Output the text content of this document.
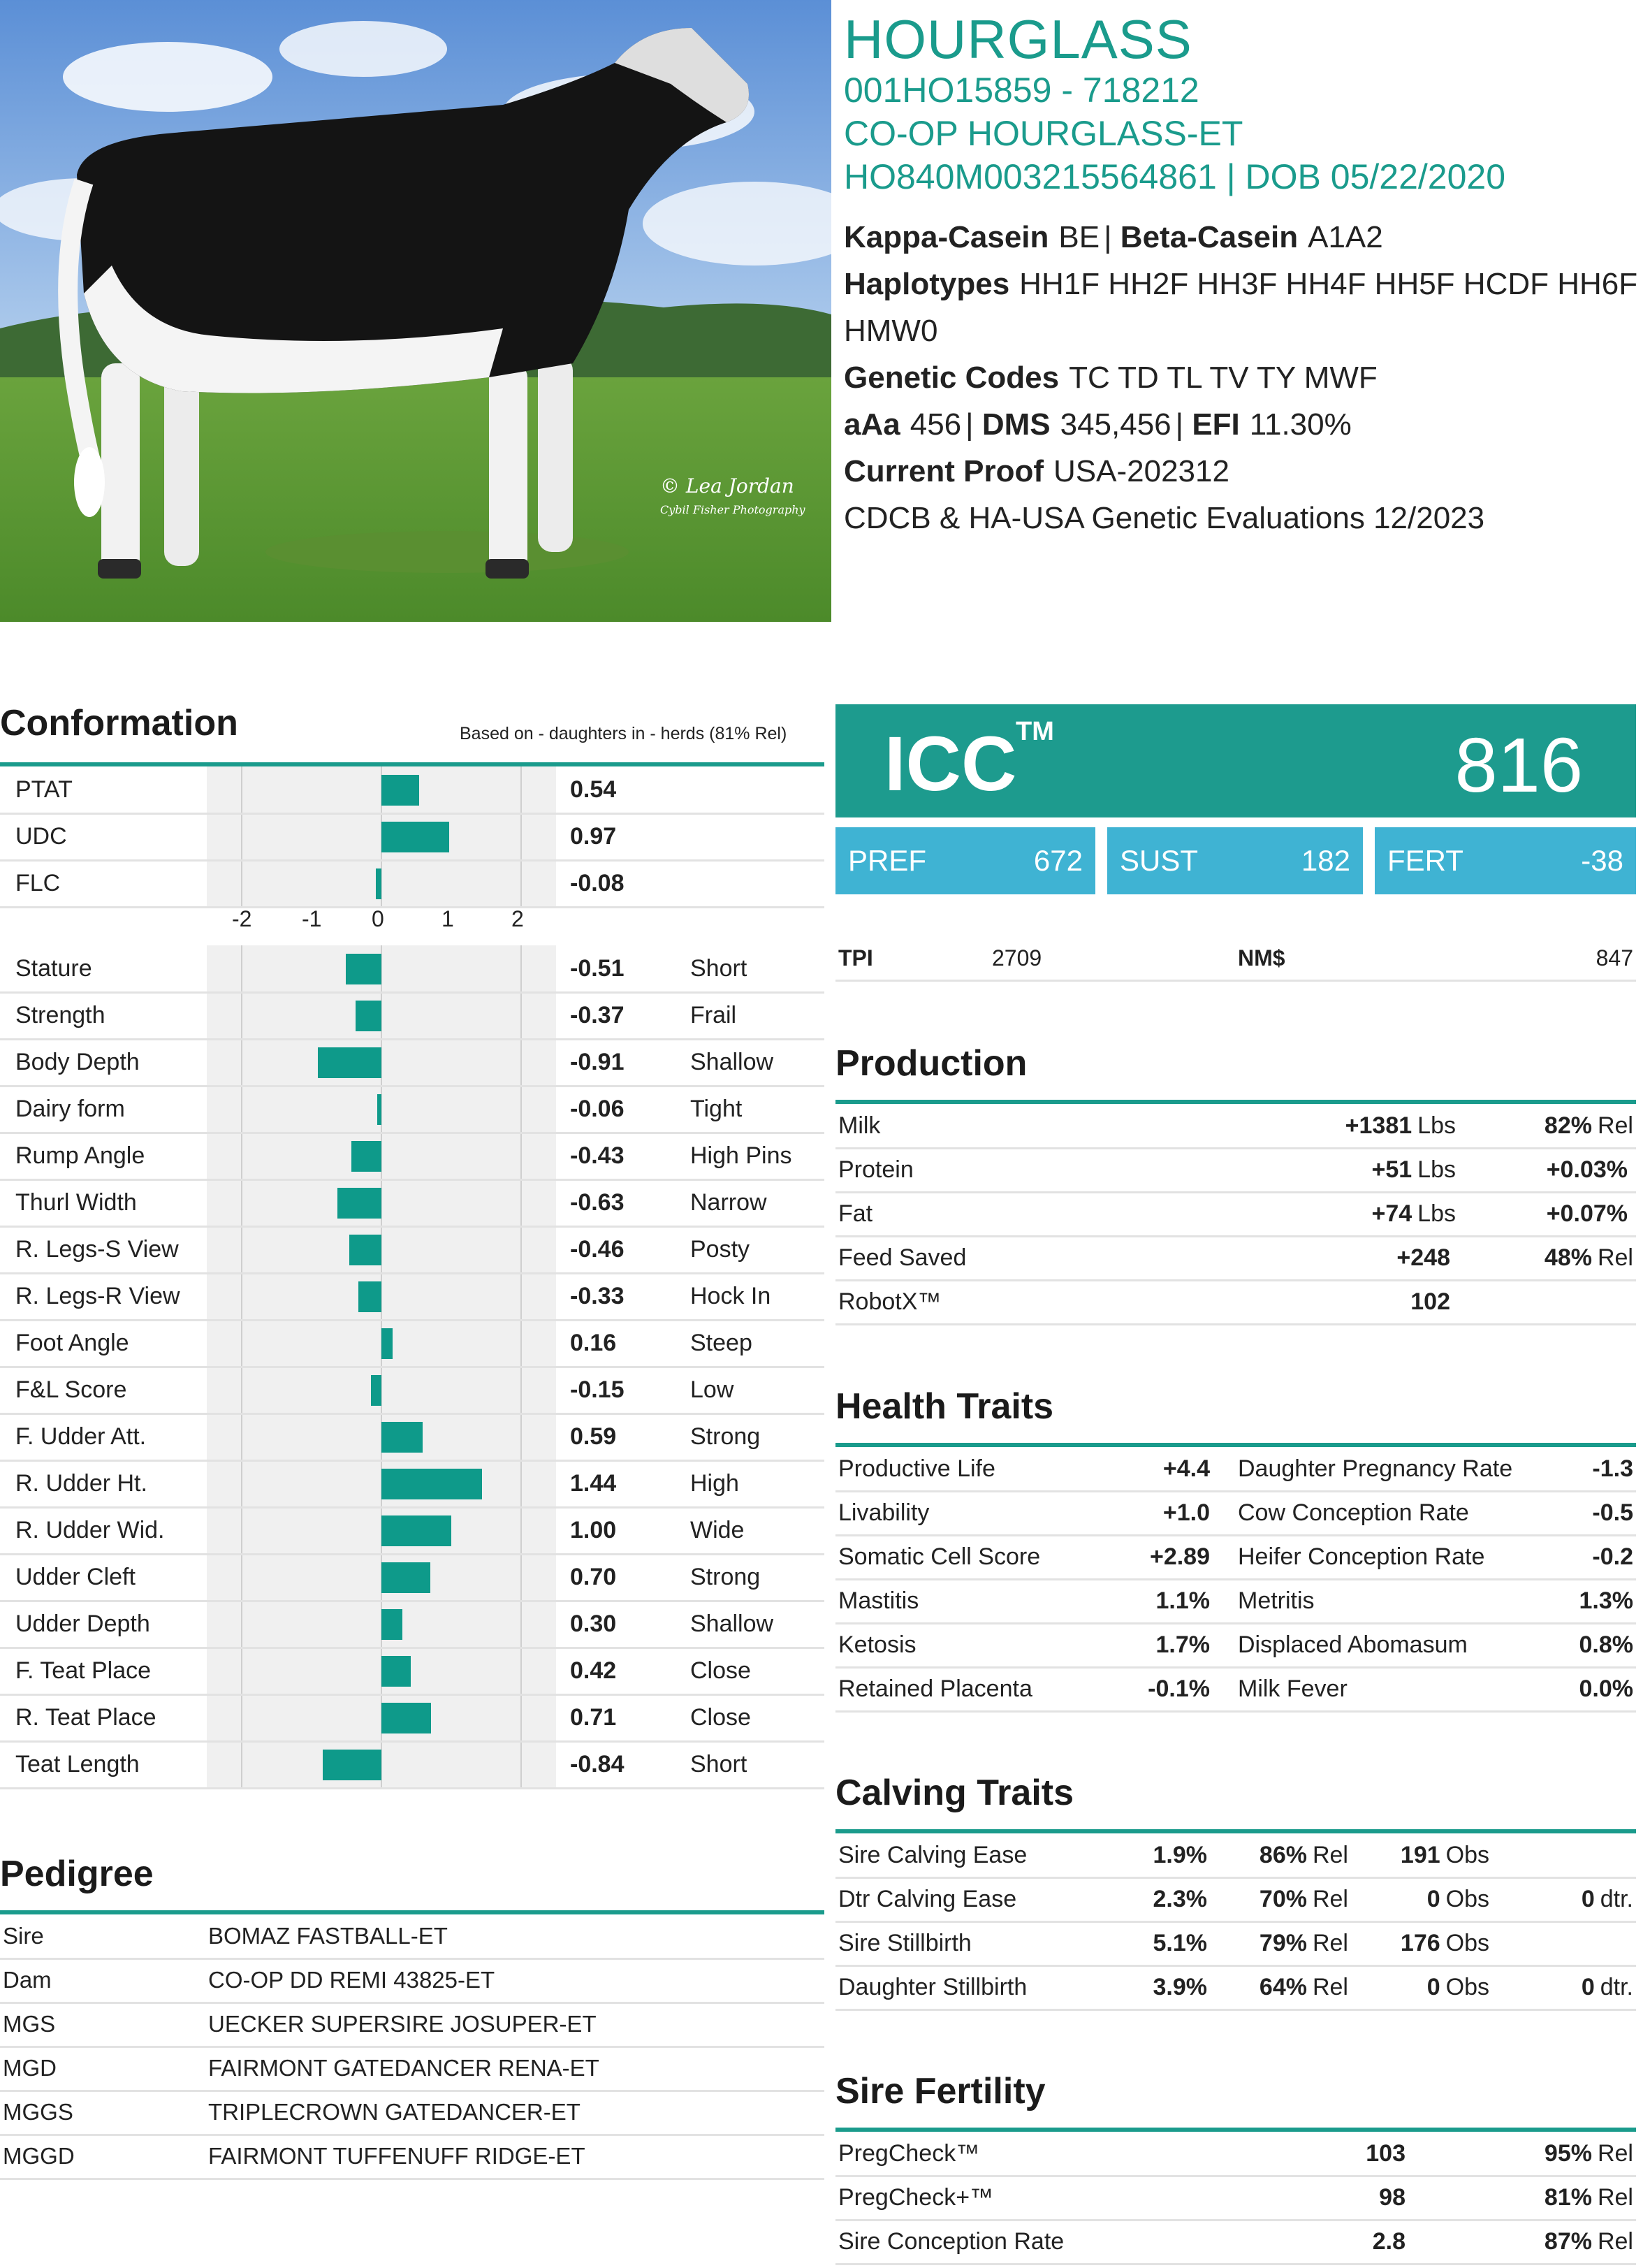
© Lea Jordan
Cybil Fisher Photography
HOURGLASS
001HO15859 - 718212
CO-OP HOURGLASS-ET
HO840M003215564861 | DOB 05/22/2020
Kappa-Casein BE | Beta-Casein A1A2
Haplotypes HH1F HH2F HH3F HH4F HH5F HCDF HH6F
HMW0
Genetic Codes TC TD TL TV TY MWF
aAa 456 | DMS 345,456 | EFI 11.30%
Current Proof USA-202312
CDCB & HA-USA Genetic Evaluations 12/2023
Conformation	Based on - daughters in - herds (81% Rel)
PTAT	0.54
UDC	0.97
FLC	-0.08
Stature	-0.51	Short
Strength	-0.37	Frail
Body Depth	-0.91	Shallow
Dairy form	-0.06	Tight
Rump Angle	-0.43	High Pins
Thurl Width	-0.63	Narrow
R. Legs-S View	-0.46	Posty
R. Legs-R View	-0.33	Hock In
Foot Angle	0.16	Steep
F&L Score	-0.15	Low
F. Udder Att.	0.59	Strong
R. Udder Ht.	1.44	High
R. Udder Wid.	1.00	Wide
Udder Cleft	0.70	Strong
Udder Depth	0.30	Shallow
F. Teat Place	0.42	Close
R. Teat Place	0.71	Close
Teat Length	-0.84	Short
-2 -1 0	1	2
ICC
TM	816
PREF	672 SUST	182 FERT	-38
TPI	2709	NM$	847
Production
Milk	+1381 Lbs	82% Rel
Protein	+51 Lbs	+0.03%
Fat	+74 Lbs	+0.07%
Feed Saved	+248	48% Rel
RobotX™	102
Health Traits
Productive Life	+4.4 Daughter Pregnancy Rate	-1.3
Livability	+1.0 Cow Conception Rate	-0.5
Somatic Cell Score	+2.89 Heifer Conception Rate	-0.2
Mastitis	1.1% Metritis	1.3%
Ketosis	1.7% Displaced Abomasum	0.8%
Retained Placenta	-0.1% Milk Fever	0.0%
Calving Traits
Sire Calving Ease	1.9% 86% Rel 191 Obs
Dtr Calving Ease	2.3% 70% Rel	0 Obs	0 dtr.
Sire Stillbirth	5.1% 79% Rel 176 Obs
Daughter Stillbirth	3.9% 64% Rel	0 Obs	0 dtr.
Sire Fertility
PregCheck™	103	95% Rel
PregCheck+™	98	81% Rel
Sire Conception Rate	2.8	87% Rel
Pedigree
Sire	BOMAZ FASTBALL-ET
Dam	CO-OP DD REMI 43825-ET
MGS	UECKER SUPERSIRE JOSUPER-ET
MGD	FAIRMONT GATEDANCER RENA-ET
MGGS	TRIPLECROWN GATEDANCER-ET
MGGD	FAIRMONT TUFFENUFF RIDGE-ET
